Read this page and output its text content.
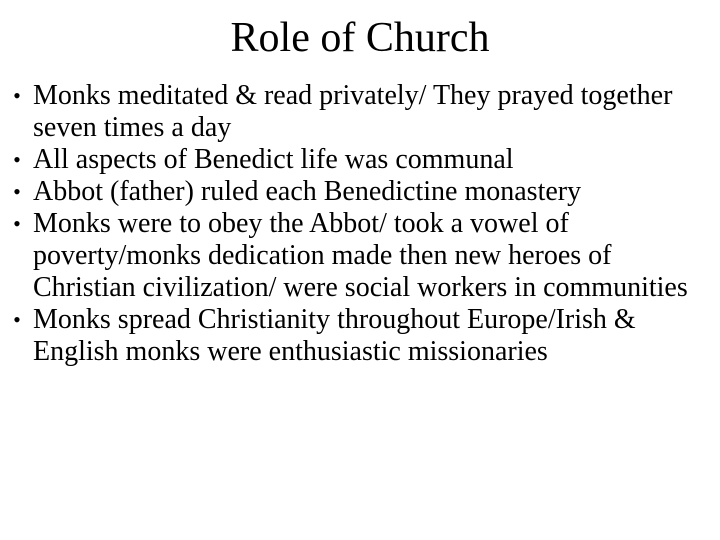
Role of Church
• Monks meditated & read privately/ They prayed together seven times a day
• All aspects of Benedict life was communal
• Abbot (father) ruled each Benedictine monastery
• Monks were to obey the Abbot/ took a vowel of poverty/monks dedication made then new heroes of Christian civilization/ were social workers in communities
• Monks spread Christianity throughout Europe/Irish & English monks were enthusiastic missionaries
